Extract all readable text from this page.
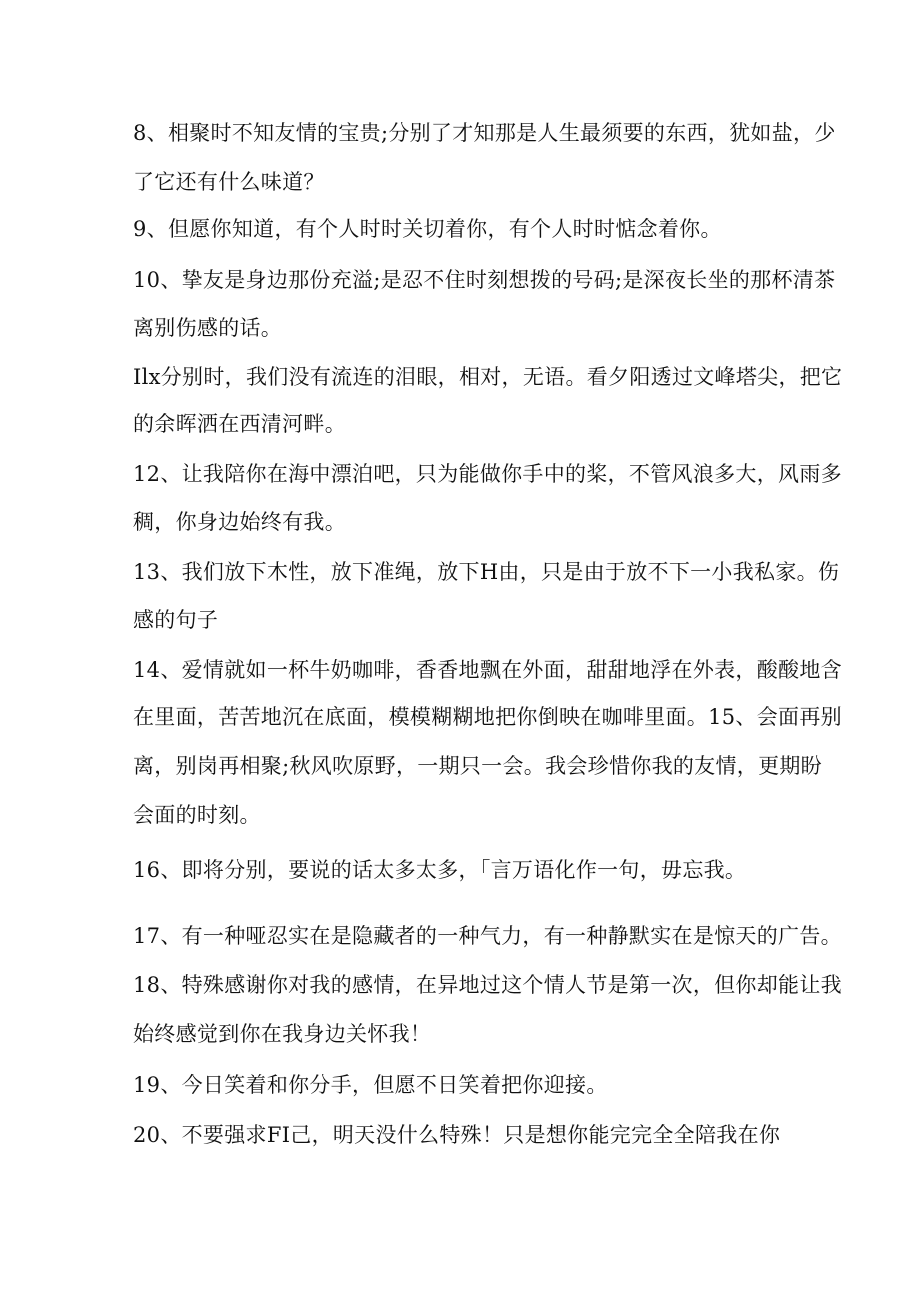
8、相聚时不知友情的宝贵;分别了才知那是人生最须要的东西，犹如盐，少
了它还有什么味道？
9、但愿你知道，有个人时时关切着你，有个人时时惦念着你。
10、挚友是身边那份充溢;是忍不住时刻想拨的号码;是深夜长坐的那杯清茶
离别伤感的话。
Ilx分别时，我们没有流连的泪眼，相对，无语。看夕阳透过文峰塔尖，把它
的余晖洒在西清河畔。
12、让我陪你在海中漂泊吧，只为能做你手中的桨，不管风浪多大，风雨多
稠，你身边始终有我。
13、我们放下木性，放下准绳，放下H由，只是由于放不下一小我私家。伤
感的句子
14、爱情就如一杯牛奶咖啡，香香地飘在外面，甜甜地浮在外表，酸酸地含
在里面，苦苦地沉在底面，模模糊糊地把你倒映在咖啡里面。15、会面再别
离，别岗再相聚;秋风吹原野，一期只一会。我会珍惜你我的友情，更期盼
会面的时刻。
16、即将分别，要说的话太多太多，「言万语化作一句，毋忘我。
17、有一种哑忍实在是隐藏者的一种气力，有一种静默实在是惊天的广告。
18、特殊感谢你对我的感情，在异地过这个情人节是第一次，但你却能让我
始终感觉到你在我身边关怀我！
19、今日笑着和你分手，但愿不日笑着把你迎接。
20、不要强求FI己，明天没什么特殊！只是想你能完完全全陪我在你
